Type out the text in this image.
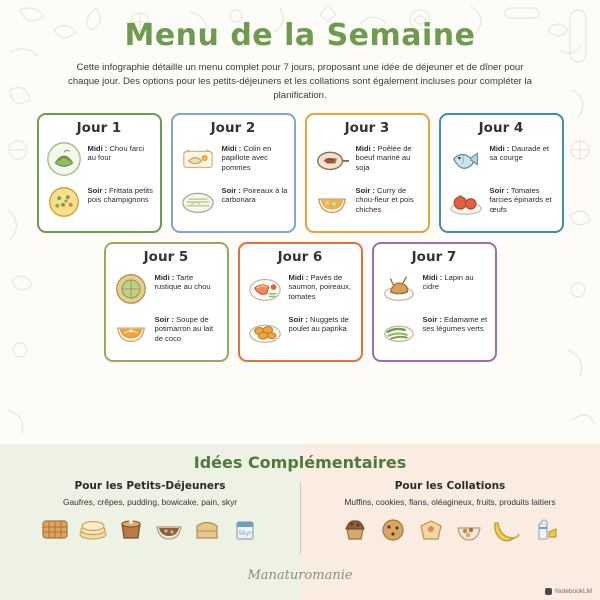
Menu de la Semaine

Cette infographie détaille un menu complet pour 7 jours, proposant une idée de déjeuner et de dîner pour chaque jour. Des options pour les petits-déjeuners et les collations sont également incluses pour compléter la planification.

Jour 1
Midi : Chou farci au four
Soir : Frittata petits pois champignons
Jour 2
Midi : Colin en papillote avec pommes
Soir : Poireaux à la carbonara
Jour 3
Midi : Poêlée de boeuf mariné au soja
Soir : Curry de chou-fleur et pois chiches
Jour 4
Midi : Daurade et sa courge
Soir : Tomates farcies épinards et œufs
Jour 5
Midi : Tarte rustique au chou
Soir : Soupe de potimarron au lait de coco
Jour 6
Midi : Pavés de saumon, poireaux, tomates
Soir : Nuggets de poulet au paprika
Jour 7
Midi : Lapin au cidre
Soir : Edamame et ses légumes verts
Idées Complémentaires
Pour les Petits-Déjeuners

Gaufres, crêpes, pudding, bowicake, pain, skyr

Skyr
Pour les Collations

Muffins, cookies, flans, oléagineux, fruits, produits laitiers

Manaturomanie
NotebookLM
